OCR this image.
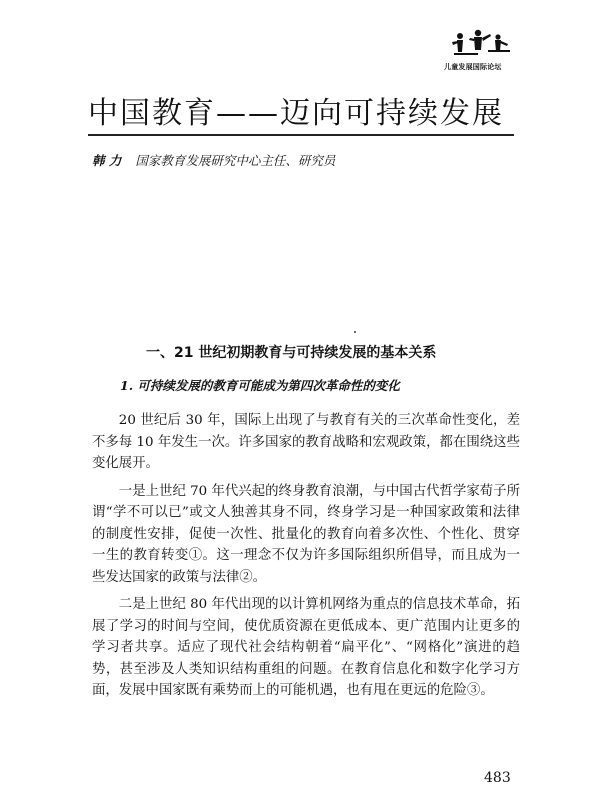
儿童发展国际论坛
中国教育——迈向可持续发展
韩 力 国家教育发展研究中心主任、研究员
一、21 世纪初期教育与可持续发展的基本关系
1. 可持续发展的教育可能成为第四次革命性的变化

20 世纪后 30 年，国际上出现了与教育有关的三次革命性变化，差不多每 10 年发生一次。许多国家的教育战略和宏观政策，都在围绕这些变化展开。

一是上世纪 70 年代兴起的终身教育浪潮，与中国古代哲学家荀子所谓“学不可以已”或文人独善其身不同，终身学习是一种国家政策和法律的制度性安排，促使一次性、批量化的教育向着多次性、个性化、贯穿一生的教育转变①。这一理念不仅为许多国际组织所倡导，而且成为一些发达国家的政策与法律②。

二是上世纪 80 年代出现的以计算机网络为重点的信息技术革命，拓展了学习的时间与空间，使优质资源在更低成本、更广范围内让更多的学习者共享。适应了现代社会结构朝着“扁平化”、“网格化”演进的趋势，甚至涉及人类知识结构重组的问题。在教育信息化和数字化学习方面，发展中国家既有乘势而上的可能机遇，也有甩在更远的危险③。

483
